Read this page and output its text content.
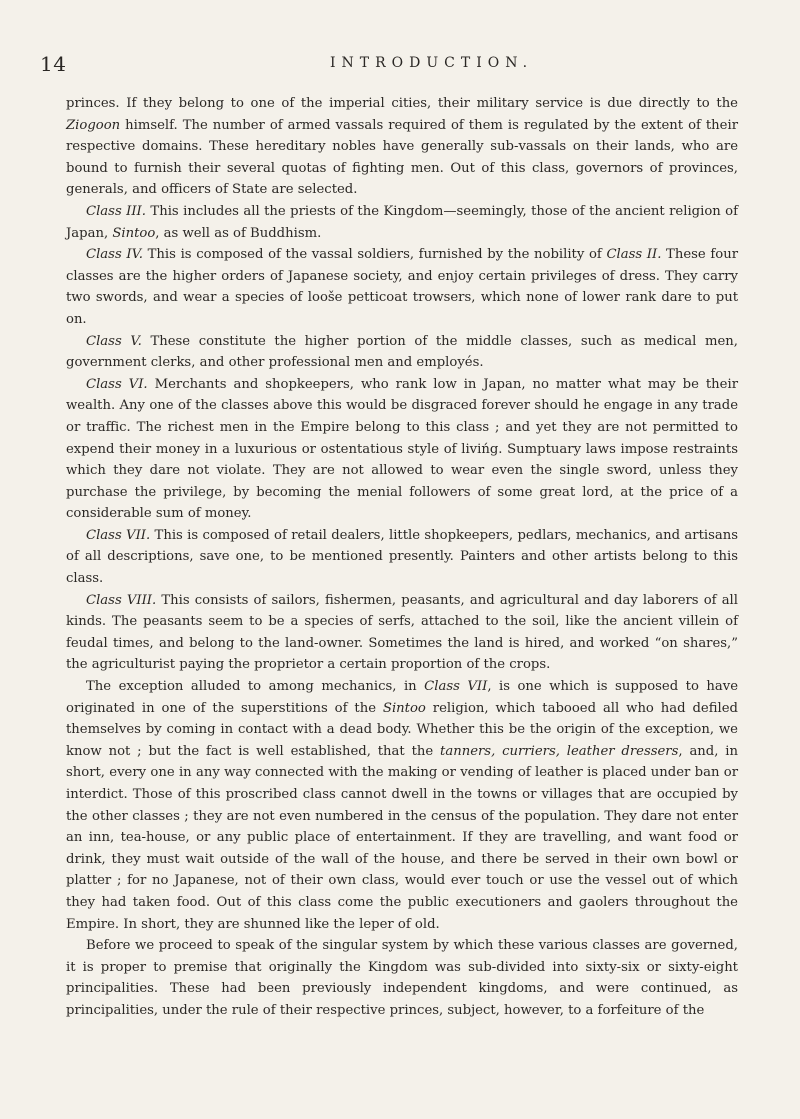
14	INTRODUCTION.

princes. If they belong to one of the imperial cities, their military service is due directly to the Ziogoon himself. The number of armed vassals required of them is regulated by the extent of their respective domains. These hereditary nobles have generally sub-vassals on their lands, who are bound to furnish their several quotas of fighting men. Out of this class, governors of provinces, generals, and officers of State are selected.

Class III. This includes all the priests of the Kingdom—seemingly, those of the ancient religion of Japan, Sintoo, as well as of Buddhism.

Class IV. This is composed of the vassal soldiers, furnished by the nobility of Class II. These four classes are the higher orders of Japanese society, and enjoy certain privileges of dress. They carry two swords, and wear a species of looše petticoat trowsers, which none of lower rank dare to put on.

Class V. These constitute the higher portion of the middle classes, such as medical men, government clerks, and other professional men and employés.

Class VI. Merchants and shopkeepers, who rank low in Japan, no matter what may be their wealth. Any one of the classes above this would be disgraced forever should he engage in any trade or traffic. The richest men in the Empire belong to this class ; and yet they are not permitted to expend their money in a luxurious or ostentatious style of livińg. Sumptuary laws impose restraints which they dare not violate. They are not allowed to wear even the single sword, unless they purchase the privilege, by becoming the menial followers of some great lord, at the price of a considerable sum of money.

Class VII. This is composed of retail dealers, little shopkeepers, pedlars, mechanics, and artisans of all descriptions, save one, to be mentioned presently. Painters and other artists belong to this class.

Class VIII. This consists of sailors, fishermen, peasants, and agricultural and day laborers of all kinds. The peasants seem to be a species of serfs, attached to the soil, like the ancient villein of feudal times, and belong to the land-owner. Sometimes the land is hired, and worked “on shares,” the agriculturist paying the proprietor a certain proportion of the crops.

The exception alluded to among mechanics, in Class VII, is one which is supposed to have originated in one of the superstitions of the Sintoo religion, which tabooed all who had defiled themselves by coming in contact with a dead body. Whether this be the origin of the exception, we know not ; but the fact is well established, that the tanners, curriers, leather dressers, and, in short, every one in any way connected with the making or vending of leather is placed under ban or interdict. Those of this proscribed class cannot dwell in the towns or villages that are occupied by the other classes ; they are not even numbered in the census of the population. They dare not enter an inn, tea-house, or any public place of entertainment. If they are travelling, and want food or drink, they must wait outside of the wall of the house, and there be served in their own bowl or platter ; for no Japanese, not of their own class, would ever touch or use the vessel out of which they had taken food. Out of this class come the public executioners and gaolers throughout the Empire. In short, they are shunned like the leper of old.

Before we proceed to speak of the singular system by which these various classes are governed, it is proper to premise that originally the Kingdom was sub-divided into sixty-six or sixty-eight principalities. These had been previously independent kingdoms, and were continued, as principalities, under the rule of their respective princes, subject, however, to a forfeiture of the
